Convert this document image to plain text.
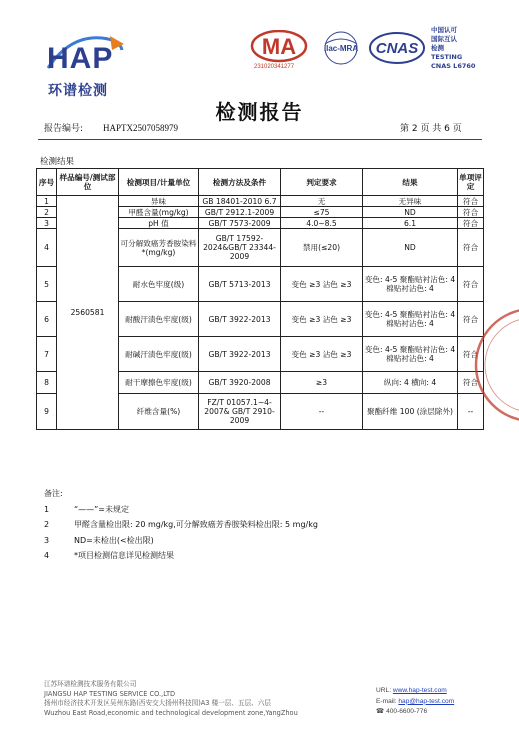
HAP
环谱检测
MA
231020341277
ilac-MRA CNAS
中国认可
国际互认
检测
TESTING
CNAS L6760
检测报告
报告编号: HAPTX2507058979	第 2 页 共 6 页
检测结果
序号	样品编号/测试部位	检测项目/计量单位	检测方法及条件	判定要求	结果	单项评定
1	2560581	异味	GB 18401-2010 6.7	无	无异味	符合
2		甲醛含量(mg/kg)	GB/T 2912.1-2009	≤75	ND	符合
3		pH 值	GB/T 7573-2009	4.0~8.5	6.1	符合
4		可分解致癌芳香胺染料*(mg/kg)	GB/T 17592-2024&GB/T 23344-2009	禁用(≤20)	ND	符合
5		耐水色牢度(级)	GB/T 5713-2013	变色 ≥3 沾色 ≥3	变色: 4-5 聚酯贴衬沾色: 4 棉贴衬沾色: 4	符合
6		耐酸汗渍色牢度(级)	GB/T 3922-2013	变色 ≥3 沾色 ≥3	变色: 4-5 聚酯贴衬沾色: 4 棉贴衬沾色: 4	符合
7		耐碱汗渍色牢度(级)	GB/T 3922-2013	变色 ≥3 沾色 ≥3	变色: 4-5 聚酯贴衬沾色: 4 棉贴衬沾色: 4	符合
8		耐干摩擦色牢度(级)	GB/T 3920-2008	≥3	纵向: 4 横向: 4	符合
9		纤维含量(%)	FZ/T 01057.1~4-2007& GB/T 2910-2009	--	聚酯纤维 100 (涂层除外)	--
备注:
1	“——”=未规定
2	甲醛含量检出限: 20 mg/kg,可分解致癌芳香胺染料检出限: 5 mg/kg
3	ND=未检出(<检出限)
4	*项目检测信息详见检测结果
江苏环谱检测技术服务有限公司
JIANGSU HAP TESTING SERVICE CO.,LTD
扬州市经济技术开发区吴州东路(西安交大扬州科技园)A3 楼一层、五层、六层
Wuzhou East Road,economic and technological development zone,YangZhou
URL: www.hap-test.com
E-mail: hap@hap-test.com
☎ 400-6600-776
